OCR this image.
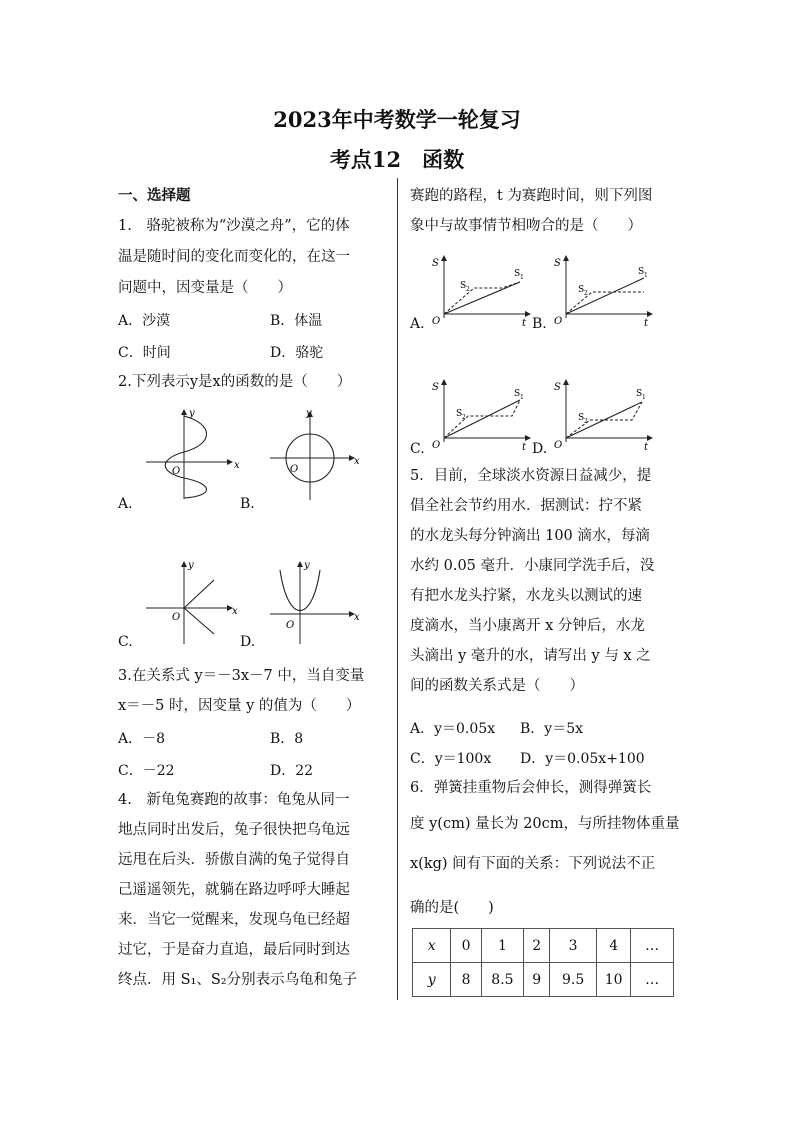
2023年中考数学一轮复习
考点12　函数
一、选择题
1.　骆驼被称为“沙漠之舟”，它的体
温是随时间的变化而变化的，在这一
问题中，因变量是（　　）
A．沙漠	B．体温
C．时间	D．骆驼
2.下列表示y是x的函数的是（　　）
A.	B.
C.	D.
y
x
O
y
x
O
y
x
O
y
x
O
3.在关系式 y＝－3x－7 中，当自变量
x＝－5 时，因变量 y 的值为（　　）
A．－8	B．8
C．－22	D．22
4.　新龟兔赛跑的故事：龟兔从同一
地点同时出发后，兔子很快把乌龟远
远甩在后头．骄傲自满的兔子觉得自
己遥遥领先，就躺在路边呼呼大睡起
来．当它一觉醒来，发现乌龟已经超
过它，于是奋力直追，最后同时到达
终点．用 S₁、S₂分别表示乌龟和兔子
赛跑的路程，t 为赛跑时间，则下列图
象中与故事情节相吻合的是（　　）
A.	B.
C.	D.
S
t
O
S 1
S 2
S
t
O
S 1
S 2
S
t
O
S 1
S 2
S
t
O
S 1
S 2
5．目前，全球淡水资源日益减少，提
倡全社会节约用水．据测试：拧不紧
的水龙头每分钟滴出 100 滴水，每滴
水约 0.05 毫升．小康同学洗手后，没
有把水龙头拧紧，水龙头以测试的速
度滴水，当小康离开 x 分钟后，水龙
头滴出 y 毫升的水，请写出 y 与 x 之
间的函数关系式是（　　）
A．y＝0.05x B．y＝5x
C．y＝100x D．y＝0.05x+100
6．弹簧挂重物后会伸长，测得弹簧长
度 y(cm) 量长为 20cm，与所挂物体重量
x(kg) 间有下面的关系：下列说法不正
确的是(　　)
x	0	1	2	3	4	…
y	8	8.5	9	9.5	10	…
